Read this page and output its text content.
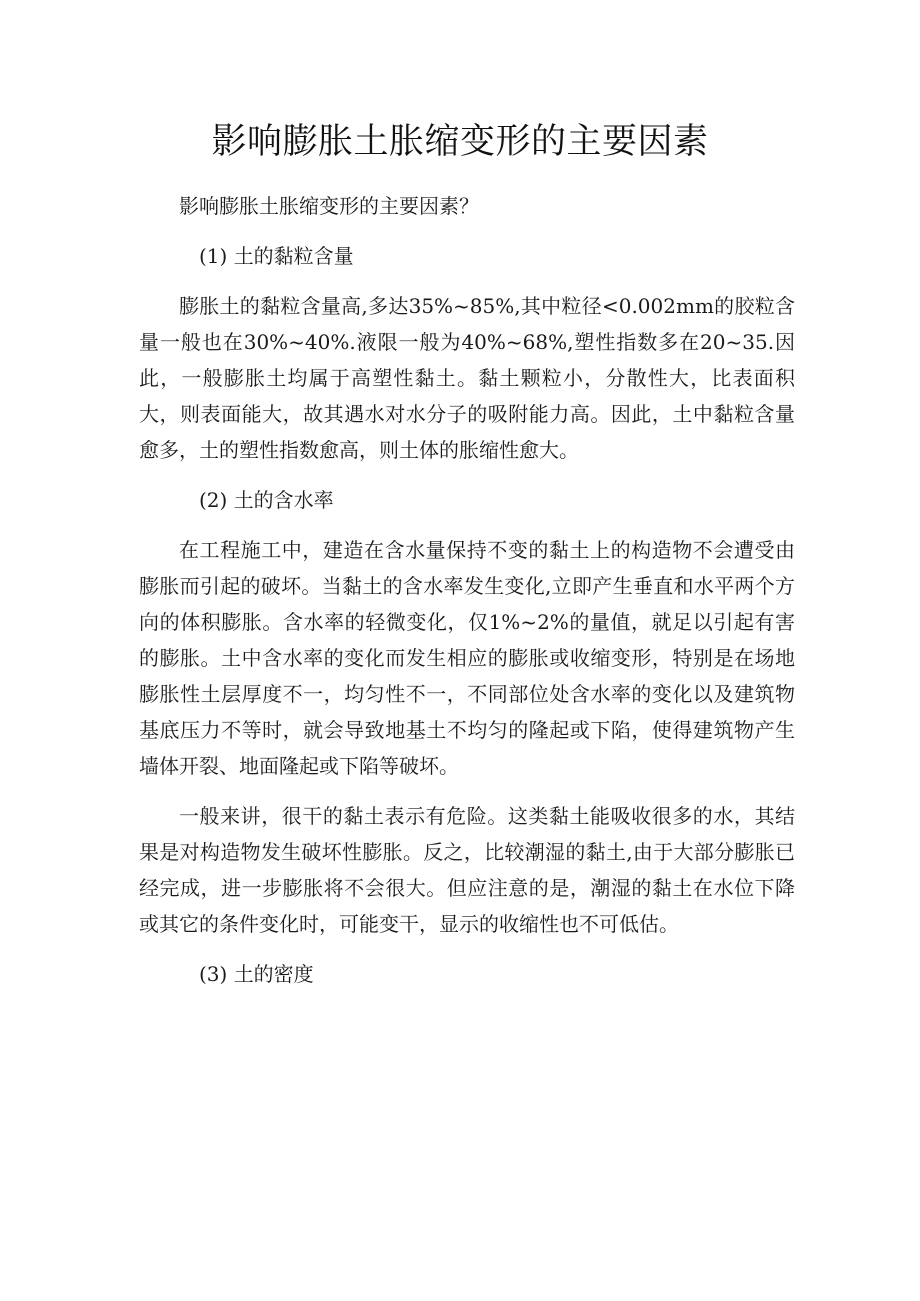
影响膨胀土胀缩变形的主要因素

影响膨胀土胀缩变形的主要因素？

(1) 土的黏粒含量

膨胀土的黏粒含量高,多达35%~85%,其中粒径<0.002mm的胶粒含量一般也在30%~40%.液限一般为40%~68%,塑性指数多在20~35.因此，一般膨胀土均属于高塑性黏土。黏土颗粒小，分散性大，比表面积大，则表面能大，故其遇水对水分子的吸附能力高。因此，土中黏粒含量愈多，土的塑性指数愈高，则土体的胀缩性愈大。

(2) 土的含水率

在工程施工中，建造在含水量保持不变的黏土上的构造物不会遭受由膨胀而引起的破坏。当黏土的含水率发生变化,立即产生垂直和水平两个方向的体积膨胀。含水率的轻微变化，仅1%~2%的量值，就足以引起有害的膨胀。土中含水率的变化而发生相应的膨胀或收缩变形，特别是在场地膨胀性土层厚度不一，均匀性不一，不同部位处含水率的变化以及建筑物基底压力不等时，就会导致地基土不均匀的隆起或下陷，使得建筑物产生墙体开裂、地面隆起或下陷等破坏。

一般来讲，很干的黏土表示有危险。这类黏土能吸收很多的水，其结果是对构造物发生破坏性膨胀。反之，比较潮湿的黏土,由于大部分膨胀已经完成，进一步膨胀将不会很大。但应注意的是，潮湿的黏土在水位下降或其它的条件变化时，可能变干，显示的收缩性也不可低估。

(3) 土的密度
